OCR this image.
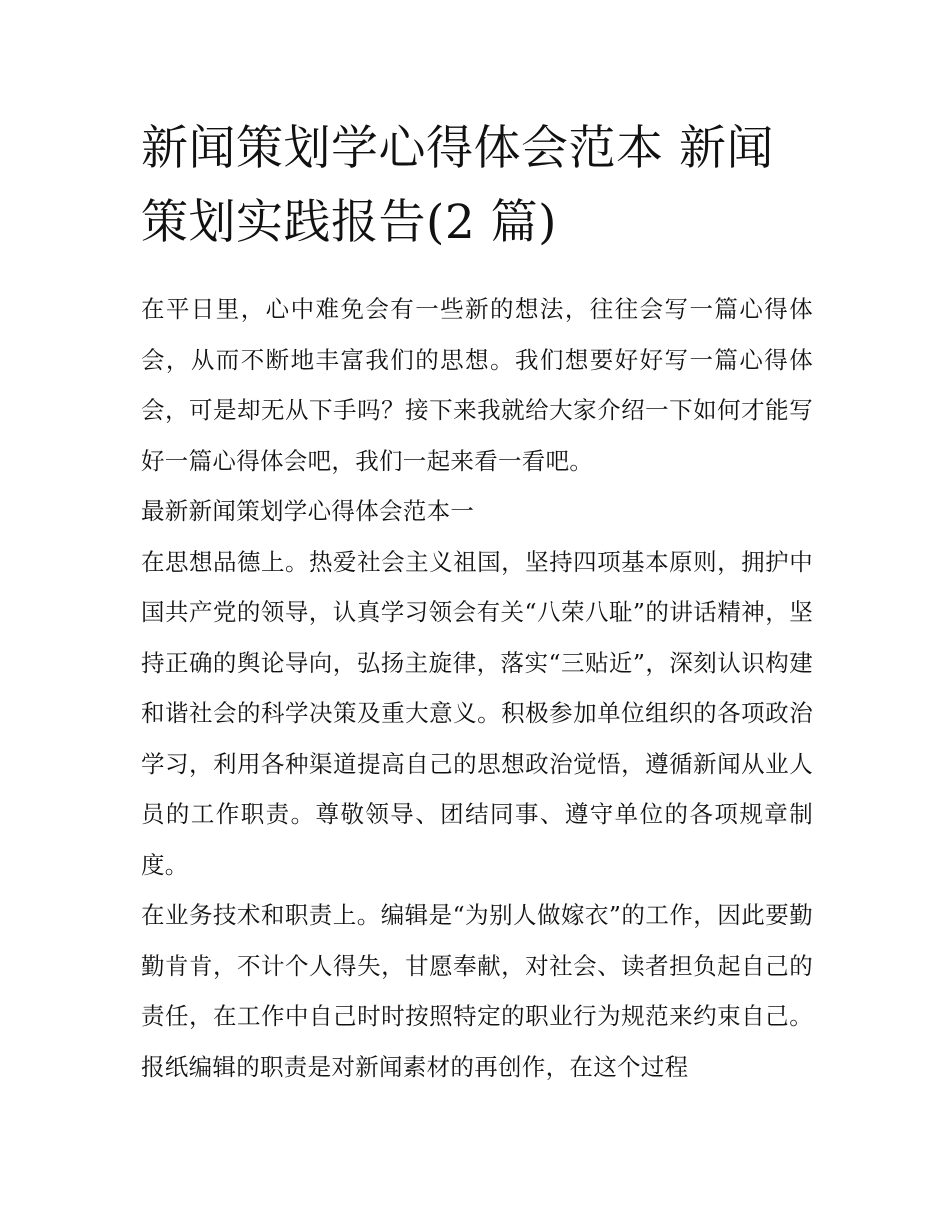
新闻策划学心得体会范本 新闻策划实践报告(2 篇)

在平日里，心中难免会有一些新的想法，往往会写一篇心得体会，从而不断地丰富我们的思想。我们想要好好写一篇心得体会，可是却无从下手吗？接下来我就给大家介绍一下如何才能写好一篇心得体会吧，我们一起来看一看吧。

最新新闻策划学心得体会范本一

在思想品德上。热爱社会主义祖国，坚持四项基本原则，拥护中国共产党的领导，认真学习领会有关“八荣八耻”的讲话精神，坚持正确的舆论导向，弘扬主旋律，落实“三贴近”，深刻认识构建和谐社会的科学决策及重大意义。积极参加单位组织的各项政治学习，利用各种渠道提高自己的思想政治觉悟，遵循新闻从业人员的工作职责。尊敬领导、团结同事、遵守单位的各项规章制度。

在业务技术和职责上。编辑是“为别人做嫁衣”的工作，因此要勤勤肯肯，不计个人得失，甘愿奉献，对社会、读者担负起自己的责任，在工作中自己时时按照特定的职业行为规范来约束自己。报纸编辑的职责是对新闻素材的再创作，在这个过程
